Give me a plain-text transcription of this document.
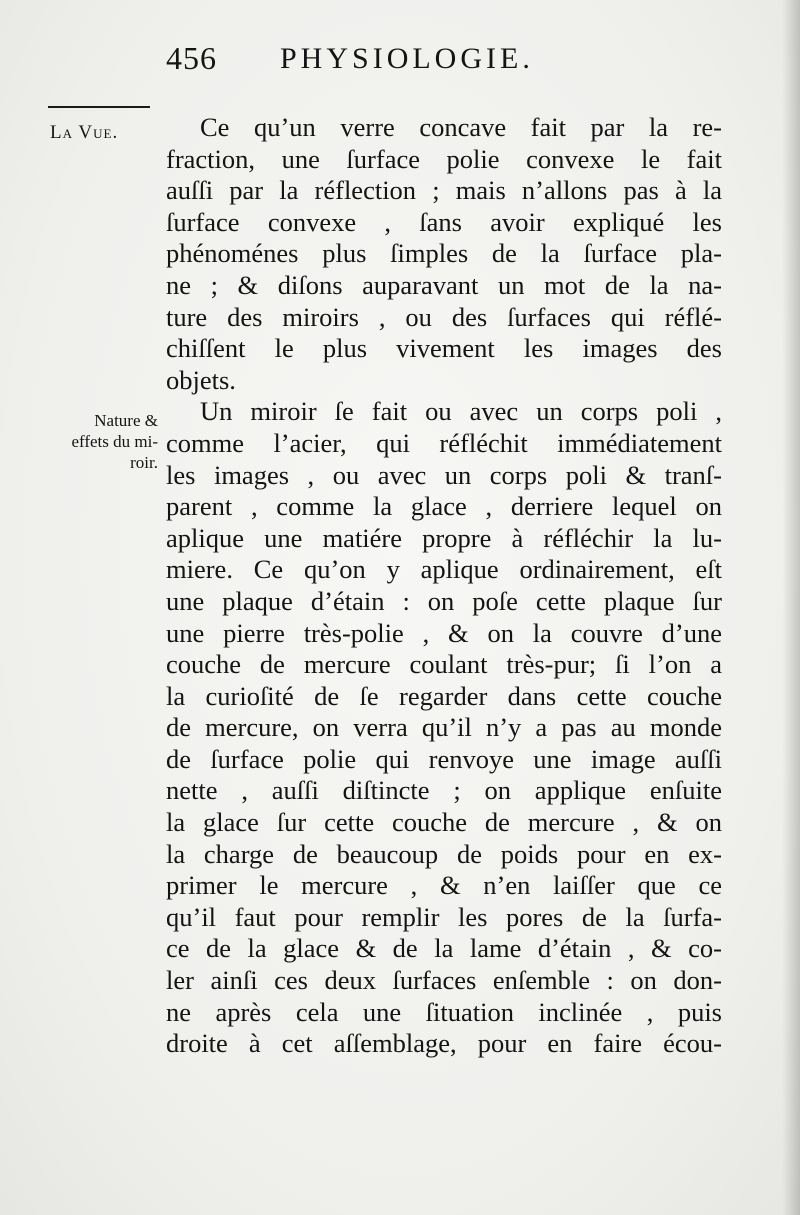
456 PHYSIOLOGIE.
La Vue.
Nature &
effets du mi-
roir.
Ce qu’un verre concave fait par la re-
fraction, une ſurface polie convexe le fait
auſſi par la réflection ; mais n’allons pas à la
ſurface convexe , ſans avoir expliqué les
phénoménes plus ſimples de la ſurface pla-
ne ; & diſons auparavant un mot de la na-
ture des miroirs , ou des ſurfaces qui réflé-
chiſſent le plus vivement les images des
objets.
Un miroir ſe fait ou avec un corps poli ,
comme l’acier, qui réfléchit immédiatement
les images , ou avec un corps poli & tranſ-
parent , comme la glace , derriere lequel on
aplique une matiére propre à réfléchir la lu-
miere. Ce qu’on y aplique ordinairement, eſt
une plaque d’étain : on poſe cette plaque ſur
une pierre très-polie , & on la couvre d’une
couche de mercure coulant très-pur; ſi l’on a
la curioſité de ſe regarder dans cette couche
de mercure, on verra qu’il n’y a pas au monde
de ſurface polie qui renvoye une image auſſi
nette , auſſi diſtincte ; on applique enſuite
la glace ſur cette couche de mercure , & on
la charge de beaucoup de poids pour en ex-
primer le mercure , & n’en laiſſer que ce
qu’il faut pour remplir les pores de la ſurfa-
ce de la glace & de la lame d’étain , & co-
ler ainſi ces deux ſurfaces enſemble : on don-
ne après cela une ſituation inclinée , puis
droite à cet aſſemblage, pour en faire écou-
